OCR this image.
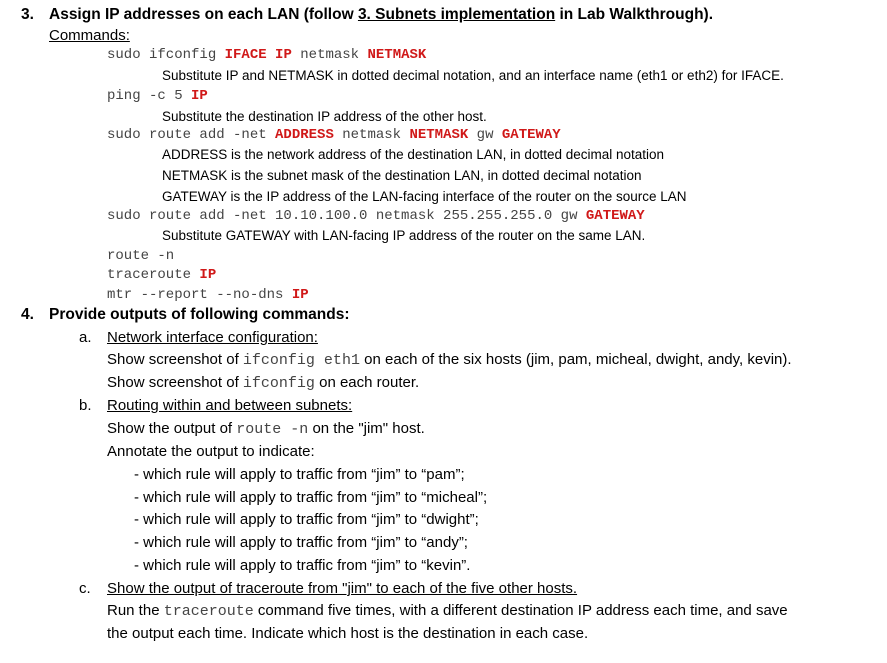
3. Assign IP addresses on each LAN (follow 3. Subnets implementation in Lab Walkthrough).
Commands:
sudo ifconfig IFACE IP netmask NETMASK
Substitute IP and NETMASK in dotted decimal notation, and an interface name (eth1 or eth2) for IFACE.
ping -c 5 IP
Substitute the destination IP address of the other host.
sudo route add -net ADDRESS netmask NETMASK gw GATEWAY
ADDRESS is the network address of the destination LAN, in dotted decimal notation
NETMASK is the subnet mask of the destination LAN, in dotted decimal notation
GATEWAY is the IP address of the LAN-facing interface of the router on the source LAN
sudo route add -net 10.10.100.0 netmask 255.255.255.0 gw GATEWAY
Substitute GATEWAY with LAN-facing IP address of the router on the same LAN.
route -n
traceroute IP
mtr --report --no-dns IP
4. Provide outputs of following commands:
a. Network interface configuration:
Show screenshot of ifconfig eth1 on each of the six hosts (jim, pam, micheal, dwight, andy, kevin).
Show screenshot of ifconfig on each router.
b. Routing within and between subnets:
Show the output of route -n on the "jim" host.
Annotate the output to indicate:
- which rule will apply to traffic from “jim” to “pam”;
- which rule will apply to traffic from “jim” to “micheal”;
- which rule will apply to traffic from “jim” to “dwight”;
- which rule will apply to traffic from “jim” to “andy”;
- which rule will apply to traffic from “jim” to “kevin”.
c. Show the output of traceroute from "jim" to each of the five other hosts.
Run the traceroute command five times, with a different destination IP address each time, and save
the output each time. Indicate which host is the destination in each case.
